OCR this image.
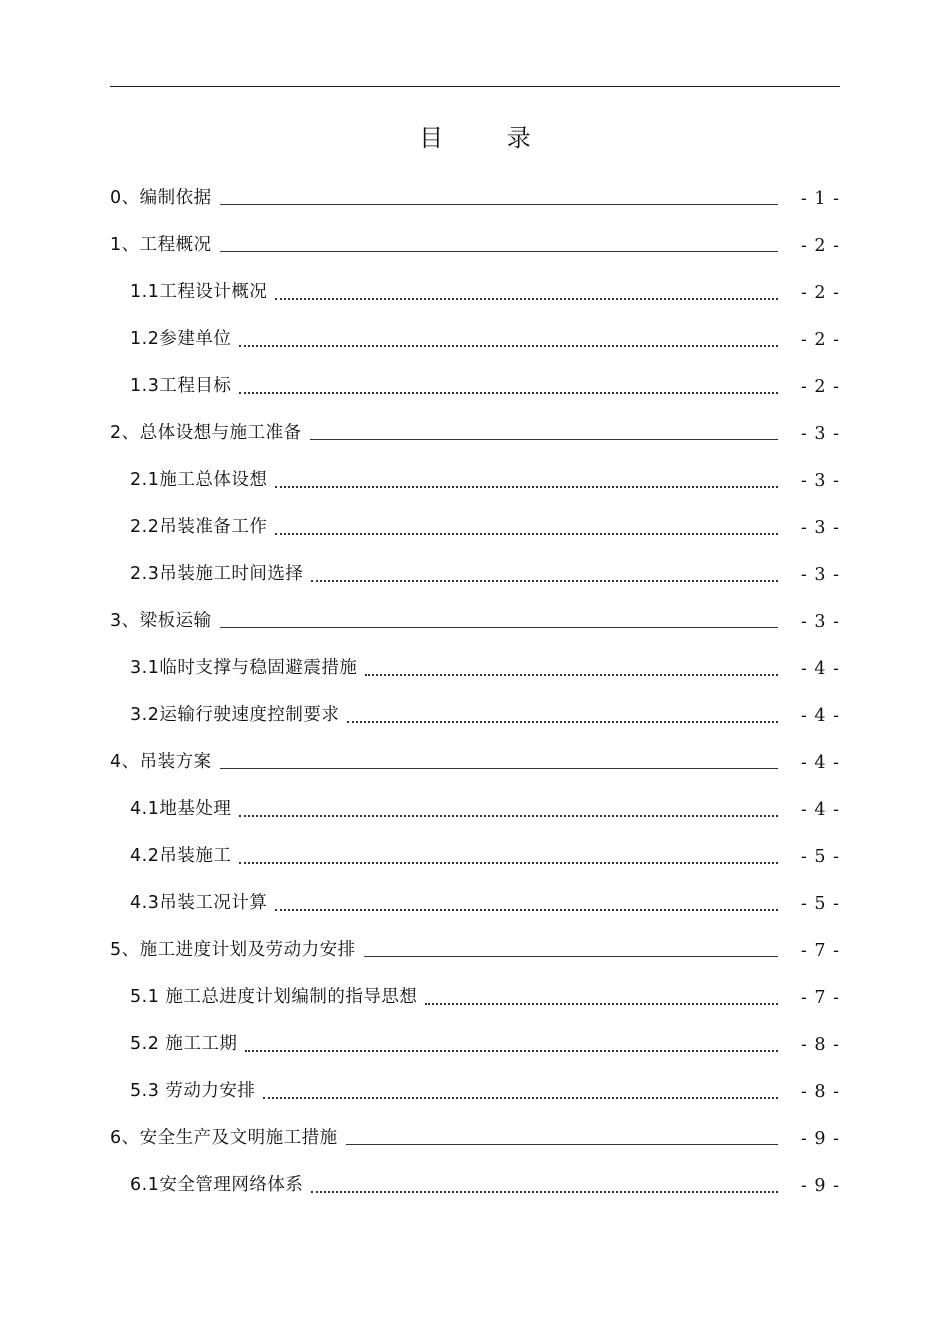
目 录
0、编制依据	- 1 -
1、工程概况	- 2 -
1.1工程设计概况	- 2 -
1.2参建单位	- 2 -
1.3工程目标	- 2 -
2、总体设想与施工准备	- 3 -
2.1施工总体设想	- 3 -
2.2吊装准备工作	- 3 -
2.3吊装施工时间选择	- 3 -
3、梁板运输	- 3 -
3.1临时支撑与稳固避震措施	- 4 -
3.2运输行驶速度控制要求	- 4 -
4、吊装方案	- 4 -
4.1地基处理	- 4 -
4.2吊装施工	- 5 -
4.3吊装工况计算	- 5 -
5、施工进度计划及劳动力安排	- 7 -
5.1 施工总进度计划编制的指导思想	- 7 -
5.2 施工工期	- 8 -
5.3 劳动力安排	- 8 -
6、安全生产及文明施工措施	- 9 -
6.1安全管理网络体系	- 9 -
